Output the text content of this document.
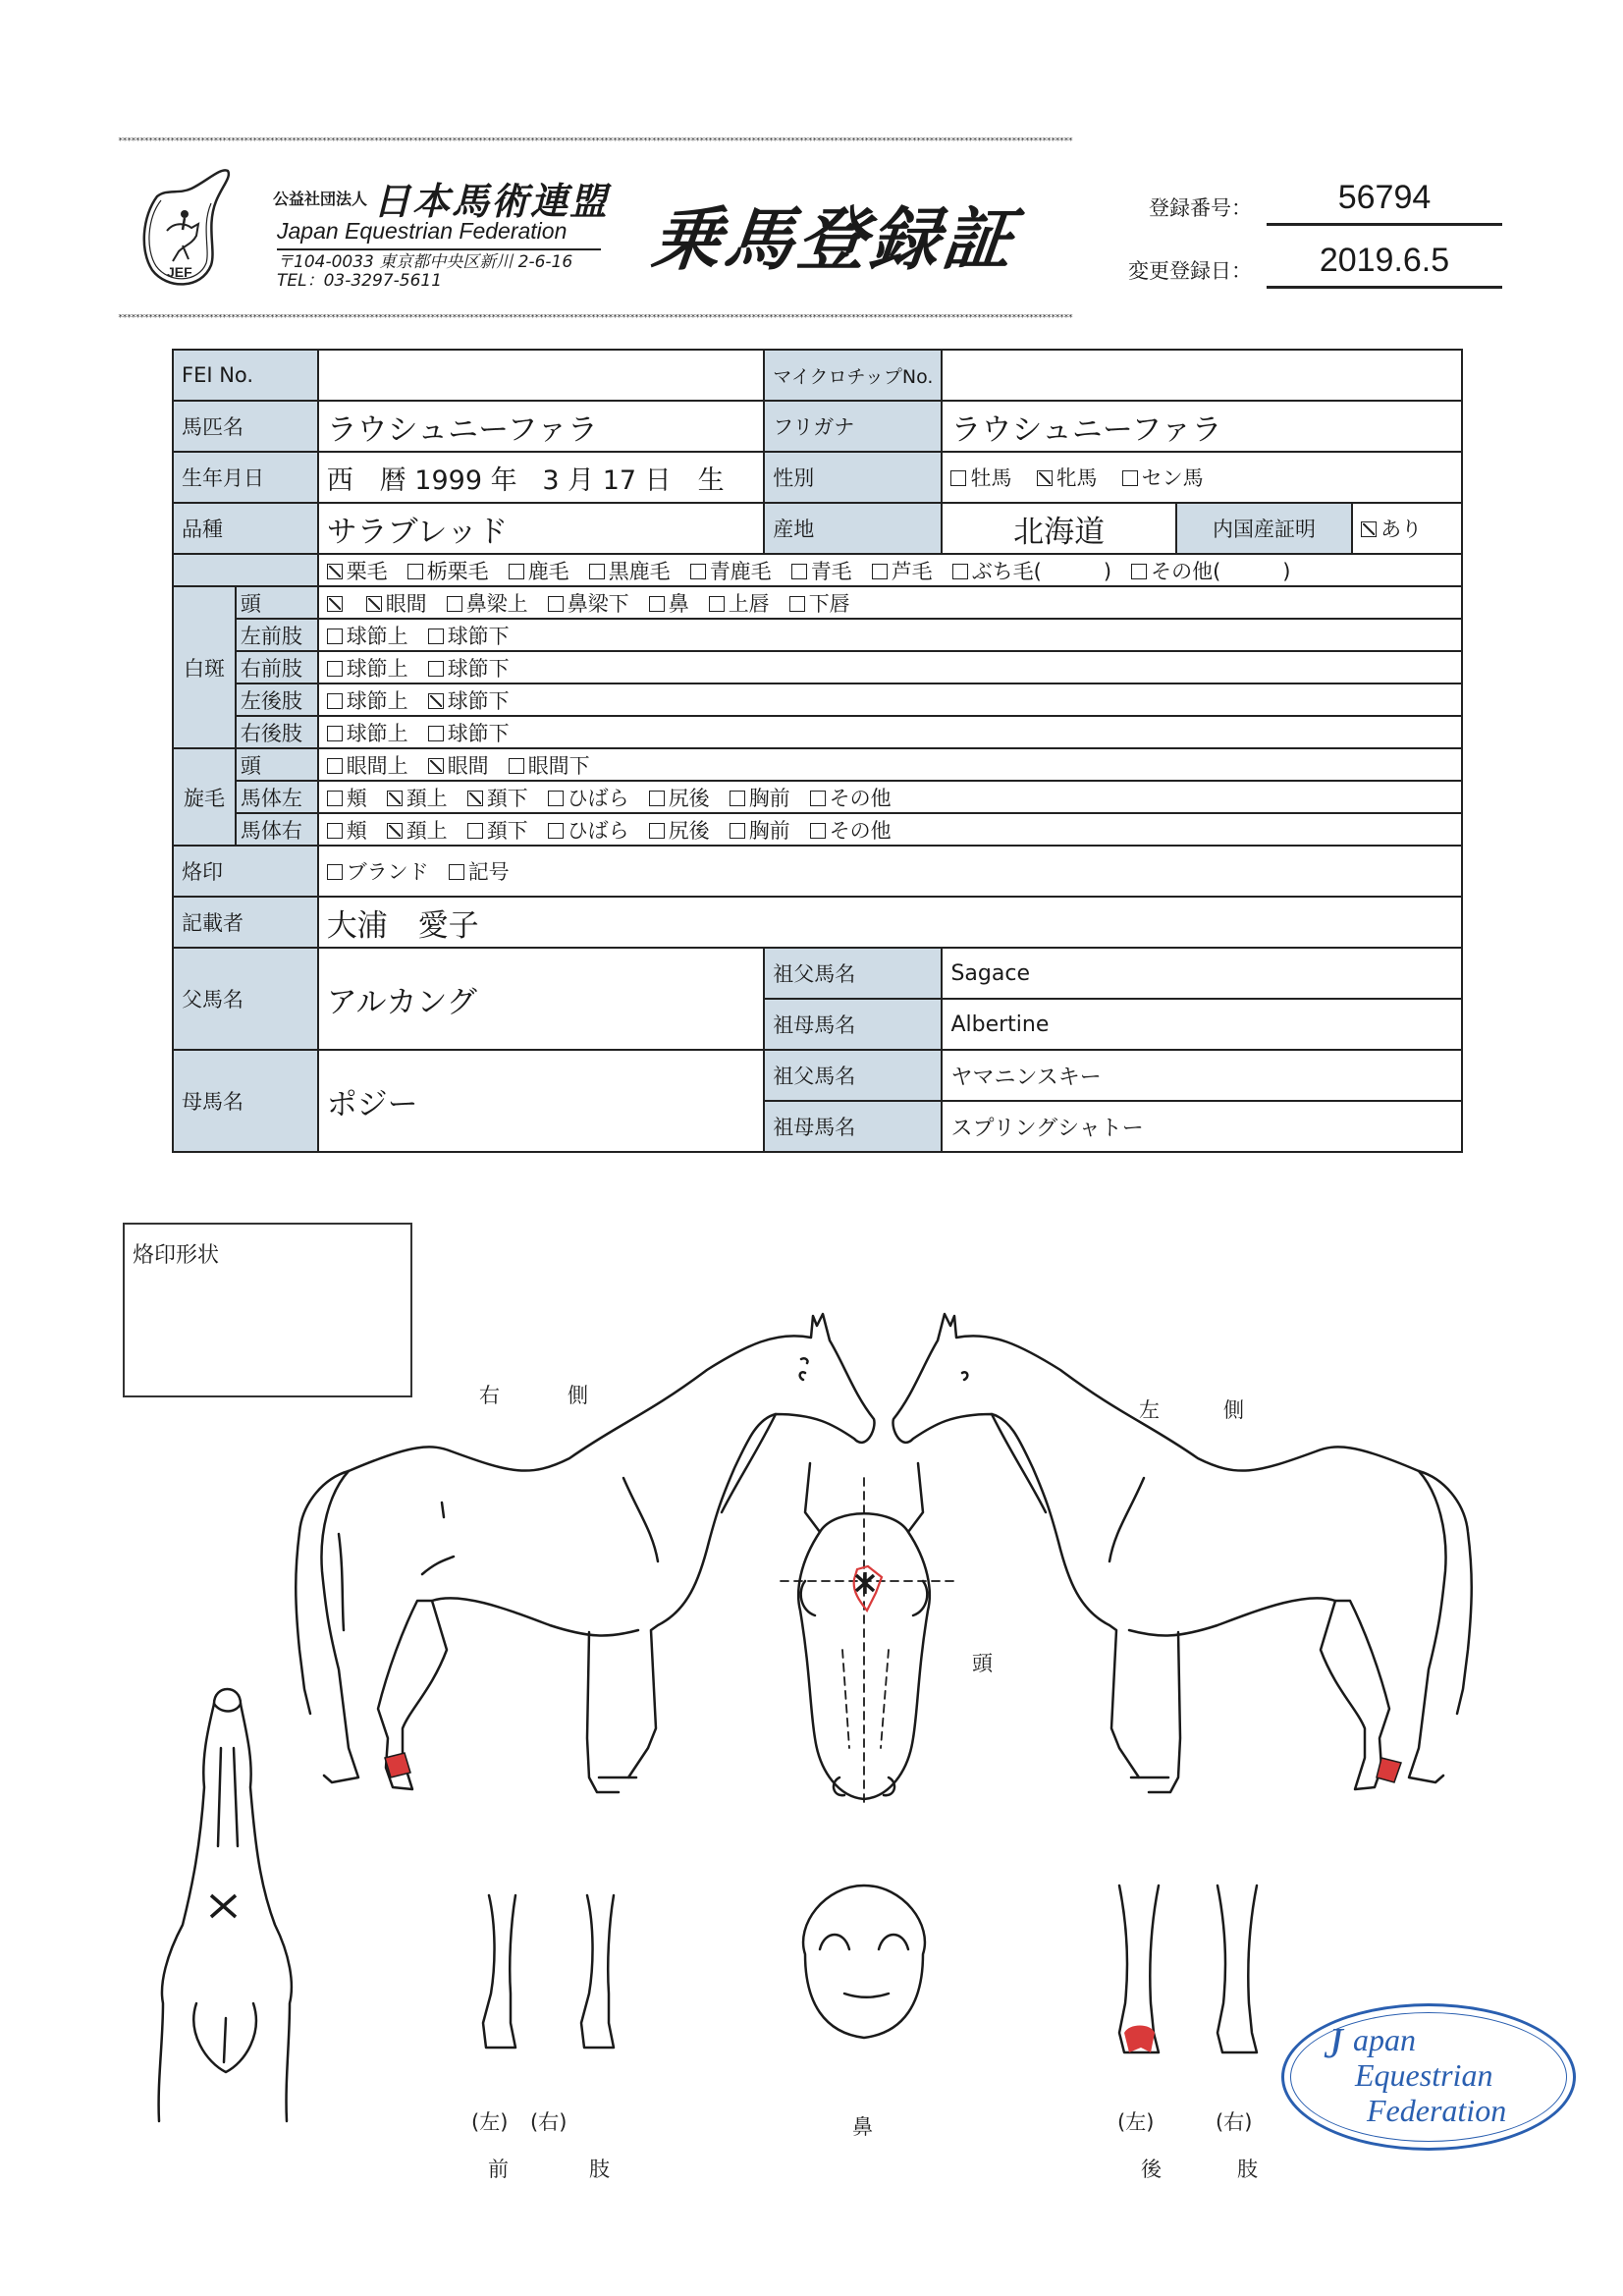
****************************************************************************************************************************************************************************************************************************
****************************************************************************************************************************************************************************************************************************
JEF
公益社団法人 日本馬術連盟
Japan Equestrian Federation
〒104-0033 東京都中央区新川 2-6-16
TEL：03-3297-5611
乗馬登録証	登録番号：	56794
変更登録日：	2019.6.5
FEI No.			マイクロチップNo.			
馬匹名		ラウシュニーファラ	フリガナ	ラウシュニーファラ		
生年月日		西　暦 1999 年 3 月 17 日　生	性別	牡馬 牝馬 セン馬		
品種		サラブレッド	産地	北海道	内国産証明	あり
		栗毛 栃栗毛 鹿毛 黒鹿毛 青鹿毛 青毛 芦毛 ぶち毛(　　　) その他(　　　)				
白斑	頭	眼間 鼻梁上 鼻梁下 鼻 上唇 下唇				
	左前肢	球節上 球節下				
	右前肢	球節上 球節下				
	左後肢	球節上 球節下				
	右後肢	球節上 球節下				
旋毛	頭	眼間上 眼間 眼間下				
	馬体左	頬 頚上 頚下 ひばら 尻後 胸前 その他				
	馬体右	頬 頚上 頚下 ひばら 尻後 胸前 その他				
烙印		ブランド 記号				
記載者		大浦　愛子				
父馬名		アルカング	祖父馬名	Sagace		
			祖母馬名	Albertine		
母馬名		ポジー	祖父馬名	ヤマニンスキー		
			祖母馬名	スプリングシャトー		
烙印形状
右	側
左	側
頭
鼻
(左) (右)
前	肢
(左)	(右)
後	肢
J apan
Equestrian
Federation
